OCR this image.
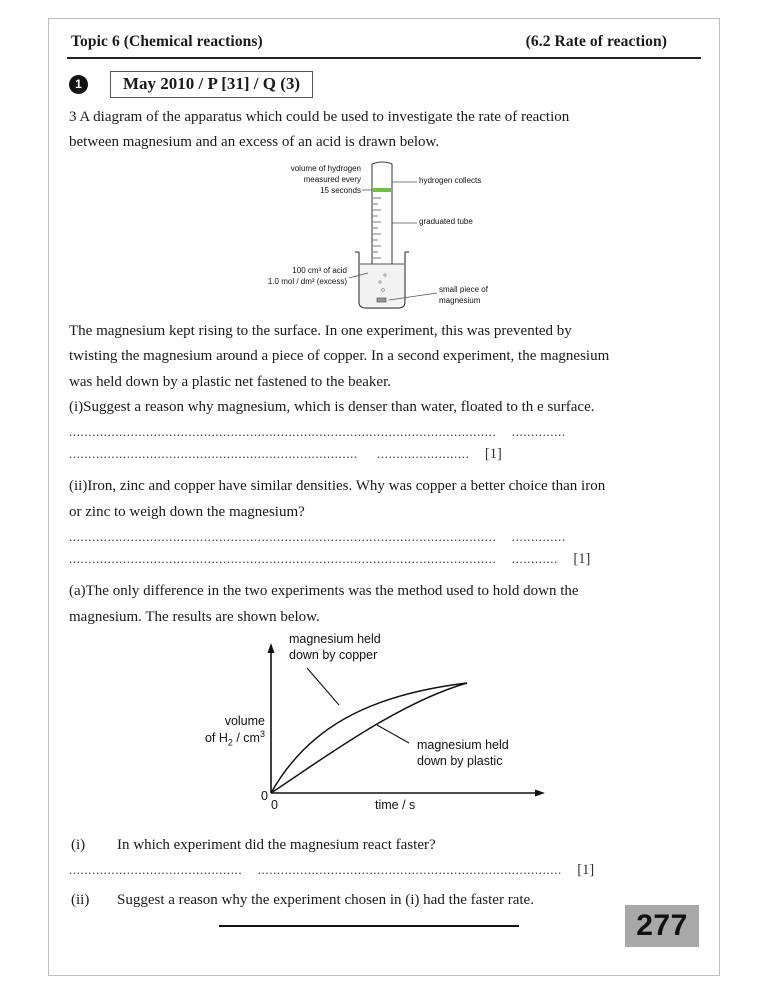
Topic 6 (Chemical reactions)	(6.2 Rate of reaction)
1	May 2010 / P [31] / Q (3)
3 A diagram of the apparatus which could be used to investigate the rate of reaction
between magnesium and an excess of an acid is drawn below.
volume of hydrogen
measured every
15 seconds
hydrogen collects
graduated tube
100 cm³ of acid
1.0 mol / dm³ (excess)
small piece of
magnesium
The magnesium kept rising to the surface. In one experiment, this was prevented by
twisting the magnesium around a piece of copper. In a second experiment, the magnesium
was held down by a plastic net fastened to the beaker.
(i)Suggest a reason why magnesium, which is denser than water, floated to th e surface.
............................................................................................................... ..............
........................................................................... ........................ [1]
(ii)Iron, zinc and copper have similar densities. Why was copper a better choice than iron
or zinc to weigh down the magnesium?
............................................................................................................... ..............
............................................................................................................... ............ [1]
(a)The only difference in the two experiments was the method used to hold down the
magnesium. The results are shown below.
magnesium held
down by copper
magnesium held
down by plastic
volume
of $H_2 / cm^3$
0
0	time / s
(i)	In which experiment did the magnesium react faster?
............................................. ............................................................................... [1]
(ii)	Suggest a reason why the experiment chosen in (i) had the faster rate.
277
